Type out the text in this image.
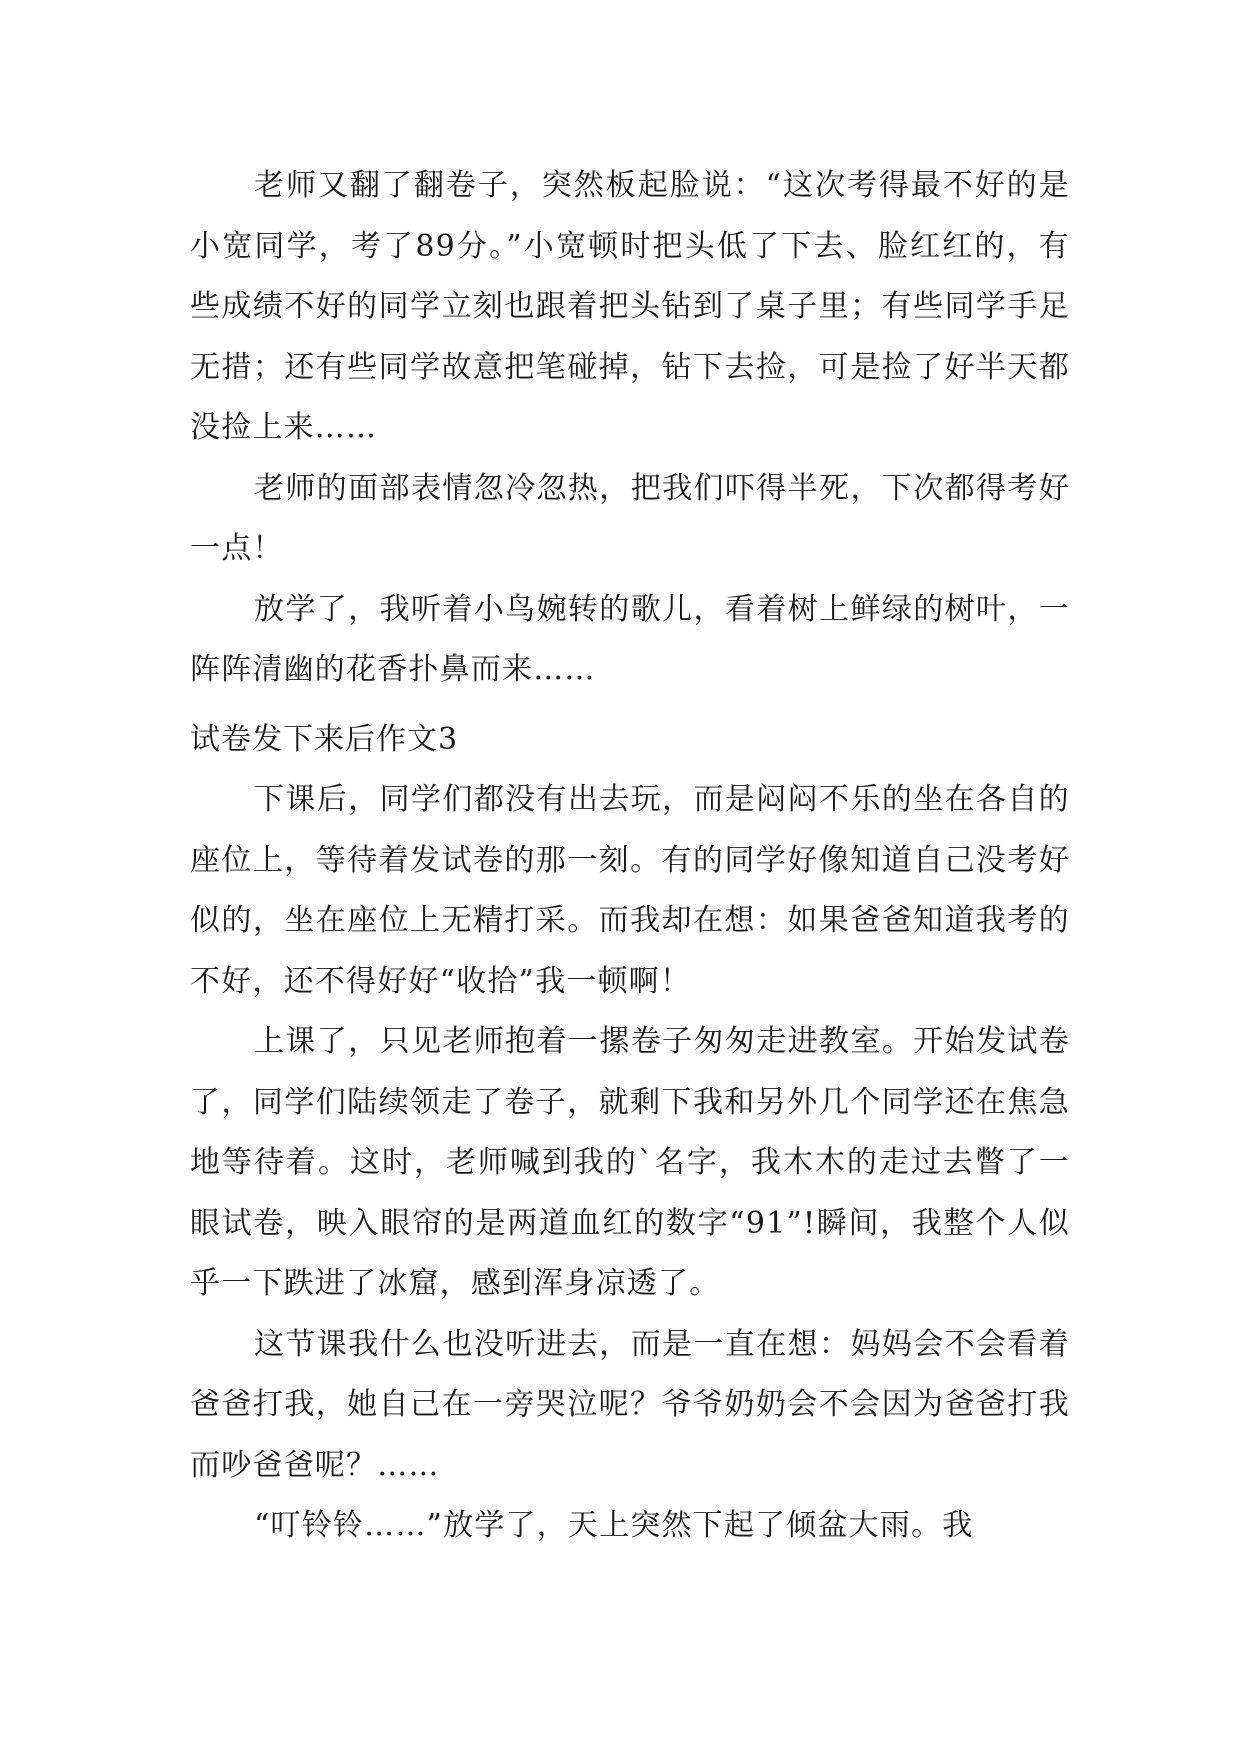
老师又翻了翻卷子，突然板起脸说：“这次考得最不好的是小宽同学，考了89分。”小宽顿时把头低了下去、脸红红的，有些成绩不好的同学立刻也跟着把头钻到了桌子里；有些同学手足无措；还有些同学故意把笔碰掉，钻下去捡，可是捡了好半天都没捡上来……

老师的面部表情忽冷忽热，把我们吓得半死，下次都得考好一点！

放学了，我听着小鸟婉转的歌儿，看着树上鲜绿的树叶，一阵阵清幽的花香扑鼻而来……

试卷发下来后作文3

下课后，同学们都没有出去玩，而是闷闷不乐的坐在各自的座位上，等待着发试卷的那一刻。有的同学好像知道自己没考好似的，坐在座位上无精打采。而我却在想：如果爸爸知道我考的不好，还不得好好“收拾”我一顿啊！

上课了，只见老师抱着一摞卷子匆匆走进教室。开始发试卷了，同学们陆续领走了卷子，就剩下我和另外几个同学还在焦急地等待着。这时，老师喊到我的`名字，我木木的走过去瞥了一眼试卷，映入眼帘的是两道血红的数字“91”!瞬间，我整个人似乎一下跌进了冰窟，感到浑身凉透了。

这节课我什么也没听进去，而是一直在想：妈妈会不会看着爸爸打我，她自己在一旁哭泣呢？爷爷奶奶会不会因为爸爸打我而吵爸爸呢？……

“叮铃铃……”放学了，天上突然下起了倾盆大雨。我
